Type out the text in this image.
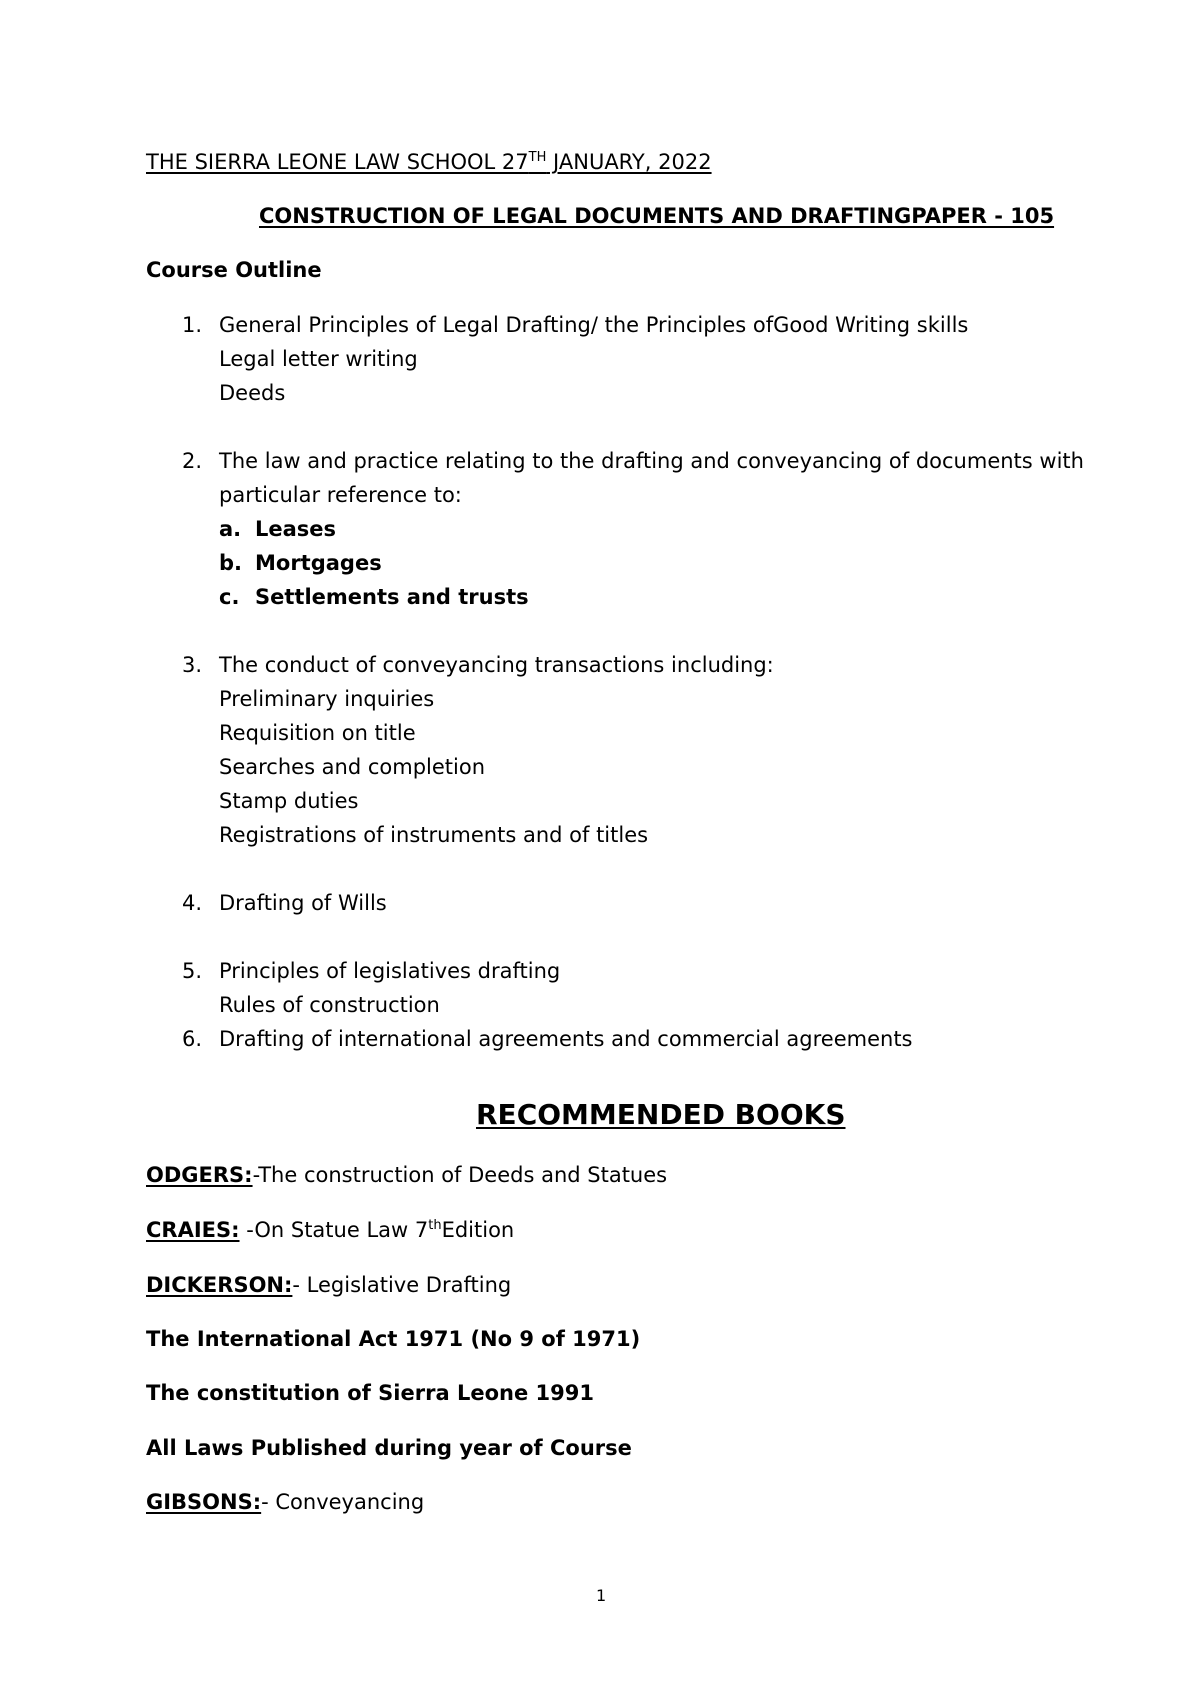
THE SIERRA LEONE LAW SCHOOL 27TH JANUARY, 2022
CONSTRUCTION OF LEGAL DOCUMENTS AND DRAFTINGPAPER - 105
Course Outline
1. General Principles of Legal Drafting/ the Principles ofGood Writing skills
Legal letter writing
Deeds
2. The law and practice relating to the drafting and conveyancing of documents with
particular reference to:
a. Leases
b. Mortgages
c. Settlements and trusts
3. The conduct of conveyancing transactions including:
Preliminary inquiries
Requisition on title
Searches and completion
Stamp duties
Registrations of instruments and of titles
4. Drafting of Wills
5. Principles of legislatives drafting
Rules of construction
6. Drafting of international agreements and commercial agreements
RECOMMENDED BOOKS
ODGERS:-The construction of Deeds and Statues
CRAIES: -On Statue Law 7thEdition
DICKERSON:- Legislative Drafting
The International Act 1971 (No 9 of 1971)
The constitution of Sierra Leone 1991
All Laws Published during year of Course
GIBSONS:- Conveyancing
1
